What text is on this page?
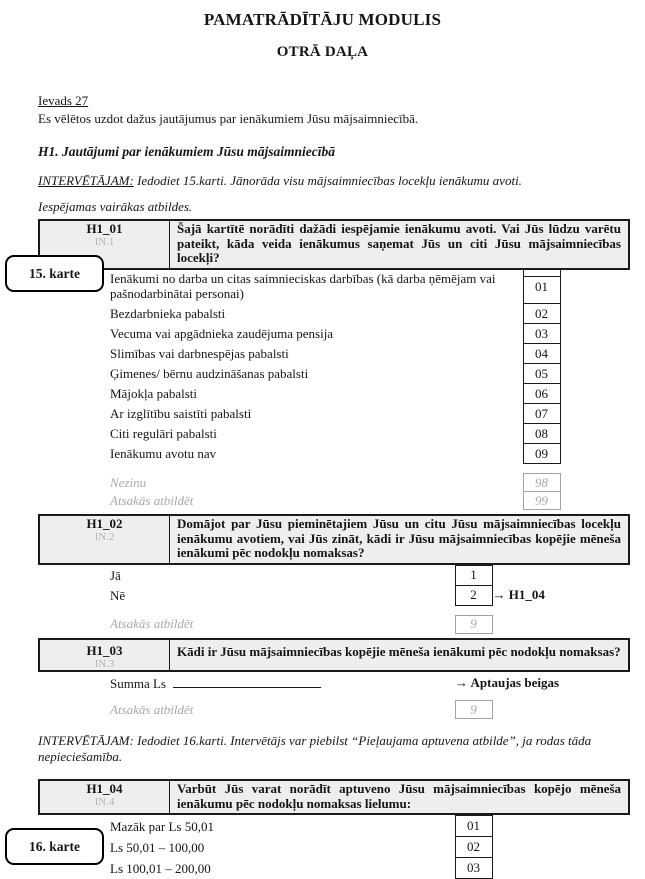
PAMATRĀDĪTĀJU MODULIS
OTRĀ DAĻA
Ievads 27
Es vēlētos uzdot dažus jautājumus par ienākumiem Jūsu mājsaimniecībā.
H1. Jautājumi par ienākumiem Jūsu mājsaimniecībā
INTERVĒTĀJAM: Iedodiet 15.karti. Jānorāda visu mājsaimniecības locekļu ienākumu avoti.
Iespējamas vairākas atbildes.
15. karte
H1_01
IN.1
Šajā kartītē norādīti dažādi iespējamie ienākumu avoti. Vai Jūs lūdzu varētu pateikt, kāda veida ienākumus saņemat Jūs un citi Jūsu mājsaimniecības locekļi?
	Ienākumi no darba un citas saimnieciskas darbības (kā darba ņēmējam vai pašnodarbinātai personai)	01	

	Bezdarbnieka pabalsti	02	
	Vecuma vai apgādnieka zaudējuma pensija	03	
	Slimības vai darbnespējas pabalsti	04	
	Ģimenes/ bērnu audzināšanas pabalsti	05	
	Mājokļa pabalsti	06	
	Ar izglītību saistīti pabalsti	07	
	Citi regulāri pabalsti	08	
	Ienākumu avotu nav	09	

	Nezinu	98	
	Atsakās atbildēt	99	
H1_02
IN.2
Domājot par Jūsu pieminētajiem Jūsu un citu Jūsu mājsaimniecības locekļu ienākumu avotiem, vai Jūs zināt, kādi ir Jūsu mājsaimniecības kopējie mēneša ienākumi pēc nodokļu nomaksas?
	Jā	1	
	Nē	2	→ H1_04

	Atsakās atbildēt	9	
H1_03
IN.3
Kādi ir Jūsu mājsaimniecības kopējie mēneša ienākumi pēc nodokļu nomaksas?
	Summa Ls	→ Aptaujas beigas	

	Atsakās atbildēt	9	
INTERVĒTĀJAM: Iedodiet 16.karti. Intervētājs var piebilst “Pieļaujama aptuvena atbilde”, ja rodas tāda nepieciešamība.
16. karte
H1_04
IN.4
Varbūt Jūs varat norādīt aptuveno Jūsu mājsaimniecības kopējo mēneša ienākumu pēc nodokļu nomaksas lielumu:
	Mazāk par Ls 50,01	01	
	Ls 50,01 – 100,00	02	
	Ls 100,01 – 200,00	03	
